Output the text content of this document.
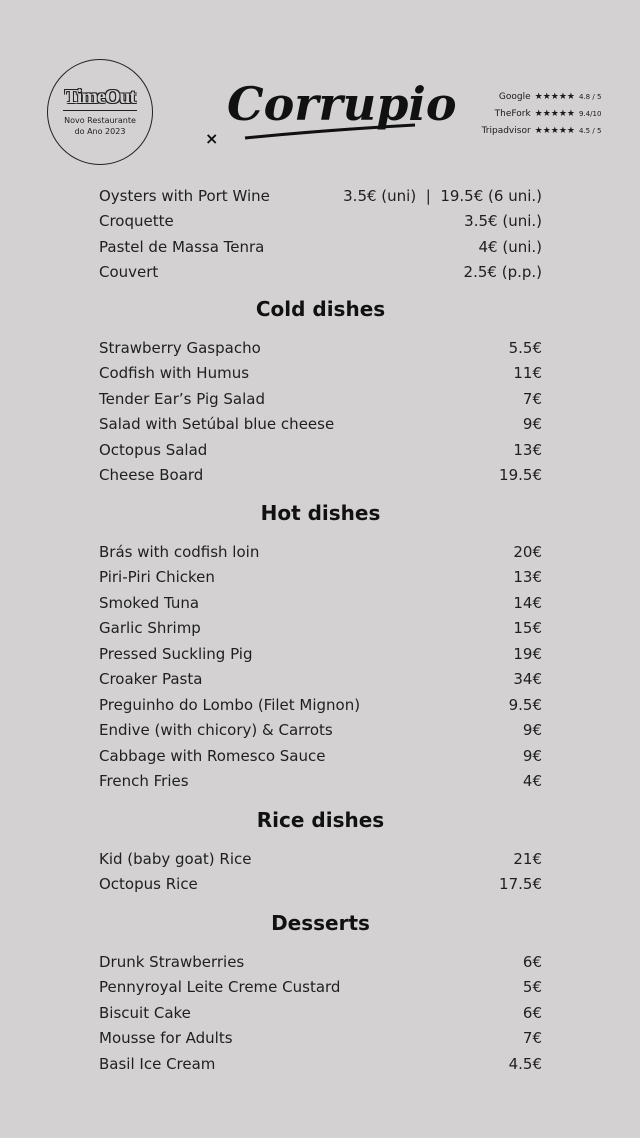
TimeOut
Novo Restaurante
do Ano 2023
Corrupio
×
Google ★★★★★ 4.8 / 5
TheFork ★★★★★ 9.4/10
Tripadvisor ★★★★★ 4.5 / 5
Oysters with Port Wine	3.5€ (uni)  |  19.5€ (6 uni.)
Croquette	3.5€ (uni.)
Pastel de Massa Tenra	4€ (uni.)
Couvert	2.5€ (p.p.)
Cold dishes
Strawberry Gaspacho	5.5€
Codfish with Humus	11€
Tender Ear’s Pig Salad	7€
Salad with Setúbal blue cheese	9€
Octopus Salad	13€
Cheese Board	19.5€
Hot dishes
Brás with codfish loin	20€
Piri-Piri Chicken	13€
Smoked Tuna	14€
Garlic Shrimp	15€
Pressed Suckling Pig	19€
Croaker Pasta	34€
Preguinho do Lombo (Filet Mignon)	9.5€
Endive (with chicory) & Carrots	9€
Cabbage with Romesco Sauce	9€
French Fries	4€
Rice dishes
Kid (baby goat) Rice	21€
Octopus Rice	17.5€
Desserts
Drunk Strawberries	6€
Pennyroyal Leite Creme Custard	5€
Biscuit Cake	6€
Mousse for Adults	7€
Basil Ice Cream	4.5€
